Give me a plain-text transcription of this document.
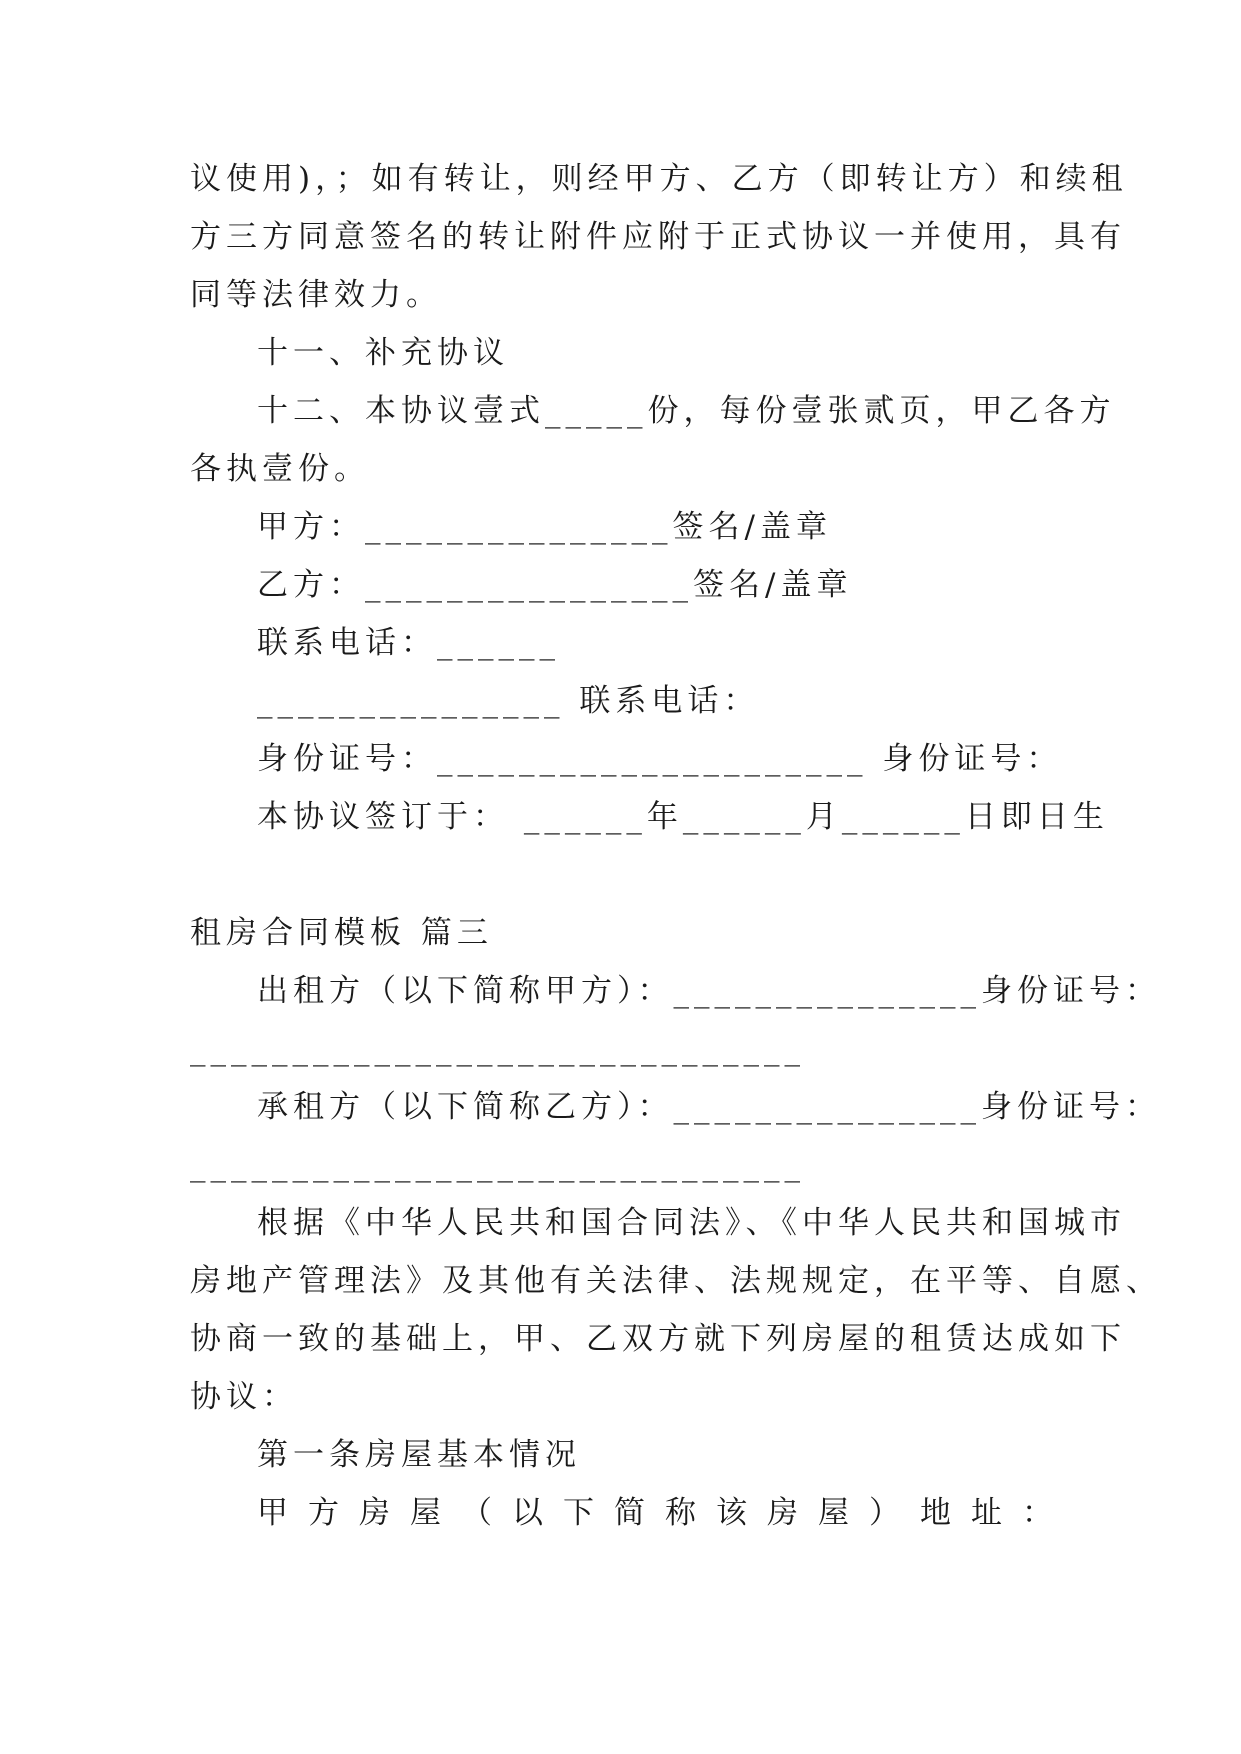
议使用)，；如有转让，则经甲方、乙方（即转让方）和续租
方三方同意签名的转让附件应附于正式协议一并使用，具有
同等法律效力。
十一、补充协议
十二、本协议壹式_____份，每份壹张贰页，甲乙各方
各执壹份。
甲方：_______________签名/盖章
乙方：________________签名/盖章
联系电话：______
_______________ 联系电话：
身份证号：_____________________ 身份证号：
本协议签订于： ______年______月______日即日生
租房合同模板 篇三
出租方（以下简称甲方）：_______________身份证号：
______________________________
承租方（以下简称乙方）：_______________身份证号：
______________________________
根据《中华人民共和国合同法》、《中华人民共和国城市
房地产管理法》及其他有关法律、法规规定，在平等、自愿、
协商一致的基础上，甲、乙双方就下列房屋的租赁达成如下
协议：
第一条房屋基本情况
甲方房屋（以下简称该房屋）地址：
